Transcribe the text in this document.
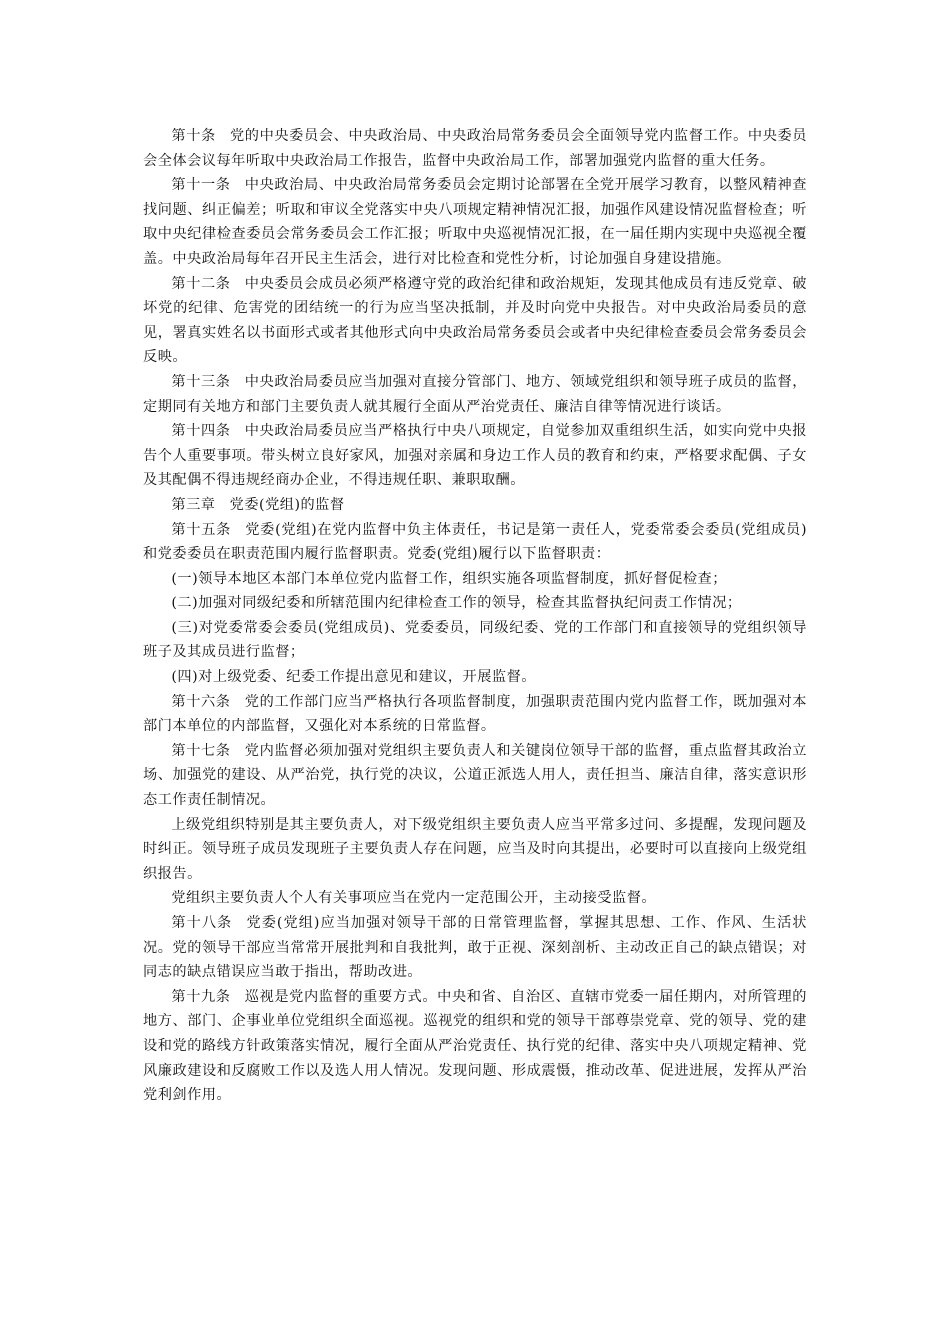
第十条 党的中央委员会、中央政治局、中央政治局常务委员会全面领导党内监督工作。中央委员会全体会议每年听取中央政治局工作报告，监督中央政治局工作，部署加强党内监督的重大任务。

第十一条 中央政治局、中央政治局常务委员会定期讨论部署在全党开展学习教育，以整风精神查找问题、纠正偏差；听取和审议全党落实中央八项规定精神情况汇报，加强作风建设情况监督检查；听取中央纪律检查委员会常务委员会工作汇报；听取中央巡视情况汇报，在一届任期内实现中央巡视全覆盖。中央政治局每年召开民主生活会，进行对比检查和党性分析，讨论加强自身建设措施。

第十二条 中央委员会成员必须严格遵守党的政治纪律和政治规矩，发现其他成员有违反党章、破坏党的纪律、危害党的团结统一的行为应当坚决抵制，并及时向党中央报告。对中央政治局委员的意见，署真实姓名以书面形式或者其他形式向中央政治局常务委员会或者中央纪律检查委员会常务委员会反映。

第十三条 中央政治局委员应当加强对直接分管部门、地方、领域党组织和领导班子成员的监督，定期同有关地方和部门主要负责人就其履行全面从严治党责任、廉洁自律等情况进行谈话。

第十四条 中央政治局委员应当严格执行中央八项规定，自觉参加双重组织生活，如实向党中央报告个人重要事项。带头树立良好家风，加强对亲属和身边工作人员的教育和约束，严格要求配偶、子女及其配偶不得违规经商办企业，不得违规任职、兼职取酬。

第三章 党委(党组)的监督

第十五条 党委(党组)在党内监督中负主体责任，书记是第一责任人，党委常委会委员(党组成员)和党委委员在职责范围内履行监督职责。党委(党组)履行以下监督职责：

(一)领导本地区本部门本单位党内监督工作，组织实施各项监督制度，抓好督促检查；

(二)加强对同级纪委和所辖范围内纪律检查工作的领导，检查其监督执纪问责工作情况；

(三)对党委常委会委员(党组成员)、党委委员，同级纪委、党的工作部门和直接领导的党组织领导班子及其成员进行监督；

(四)对上级党委、纪委工作提出意见和建议，开展监督。

第十六条 党的工作部门应当严格执行各项监督制度，加强职责范围内党内监督工作，既加强对本部门本单位的内部监督，又强化对本系统的日常监督。

第十七条 党内监督必须加强对党组织主要负责人和关键岗位领导干部的监督，重点监督其政治立场、加强党的建设、从严治党，执行党的决议，公道正派选人用人，责任担当、廉洁自律，落实意识形态工作责任制情况。

上级党组织特别是其主要负责人，对下级党组织主要负责人应当平常多过问、多提醒，发现问题及时纠正。领导班子成员发现班子主要负责人存在问题，应当及时向其提出，必要时可以直接向上级党组织报告。

党组织主要负责人个人有关事项应当在党内一定范围公开，主动接受监督。

第十八条 党委(党组)应当加强对领导干部的日常管理监督，掌握其思想、工作、作风、生活状况。党的领导干部应当常常开展批判和自我批判，敢于正视、深刻剖析、主动改正自己的缺点错误；对同志的缺点错误应当敢于指出，帮助改进。

第十九条 巡视是党内监督的重要方式。中央和省、自治区、直辖市党委一届任期内，对所管理的地方、部门、企事业单位党组织全面巡视。巡视党的组织和党的领导干部尊崇党章、党的领导、党的建设和党的路线方针政策落实情况，履行全面从严治党责任、执行党的纪律、落实中央八项规定精神、党风廉政建设和反腐败工作以及选人用人情况。发现问题、形成震慑，推动改革、促进进展，发挥从严治党利剑作用。
